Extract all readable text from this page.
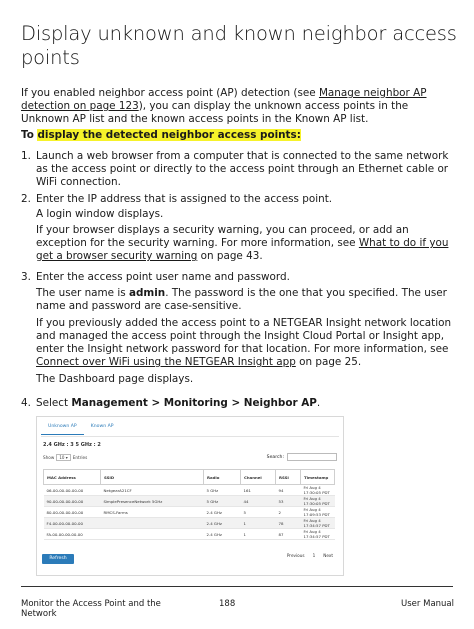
Display unknown and known neighbor access points
If you enabled neighbor access point (AP) detection (see Manage neighbor AP detection on page 123), you can display the unknown access points in the Unknown AP list and the known access points in the Known AP list.
To display the detected neighbor access points:
1. Launch a web browser from a computer that is connected to the same network as the access point or directly to the access point through an Ethernet cable or WiFi connection.
2. Enter the IP address that is assigned to the access point.
A login window displays.
If your browser displays a security warning, you can proceed, or add an exception for the security warning. For more information, see What to do if you get a browser security warning on page 43.
3. Enter the access point user name and password.
The user name is admin. The password is the one that you specified. The user name and password are case-sensitive.
If you previously added the access point to a NETGEAR Insight network location and managed the access point through the Insight Cloud Portal or Insight app, enter the Insight network password for that location. For more information, see Connect over WiFi using the NETGEAR Insight app on page 25.
The Dashboard page displays.
4. Select Management > Monitoring > Neighbor AP.
Unknown AP	Known AP
2.4 GHz : 3 5 GHz : 2
Show	10 ▾	Entries	Search:
MAC Address	SSID	Radio	Channel	RSSI	Timestamp
06-00-00-00-00-00	NetgearA21CF	5 GHz	161	94	Fri Aug 4 17:30:05 PDT
90-00-00-00-00-00	SimplePresenceNetwork 5GHz	5 GHz	44	53	Fri Aug 4 17:30:05 PDT
80-00-00-00-00-00	RMCS-Farms	2.4 GHz	5	2	Fri Aug 4 17:09:53 PDT
F4-00-00-00-00-00		2.4 GHz	1	78	Fri Aug 4 17:34:57 PDT
FA-00-00-00-00-00		2.4 GHz	1	87	Fri Aug 4 17:34:57 PDT
Previous 1 Next
Refresh
Monitor the Access Point and the Network
188	User Manual
